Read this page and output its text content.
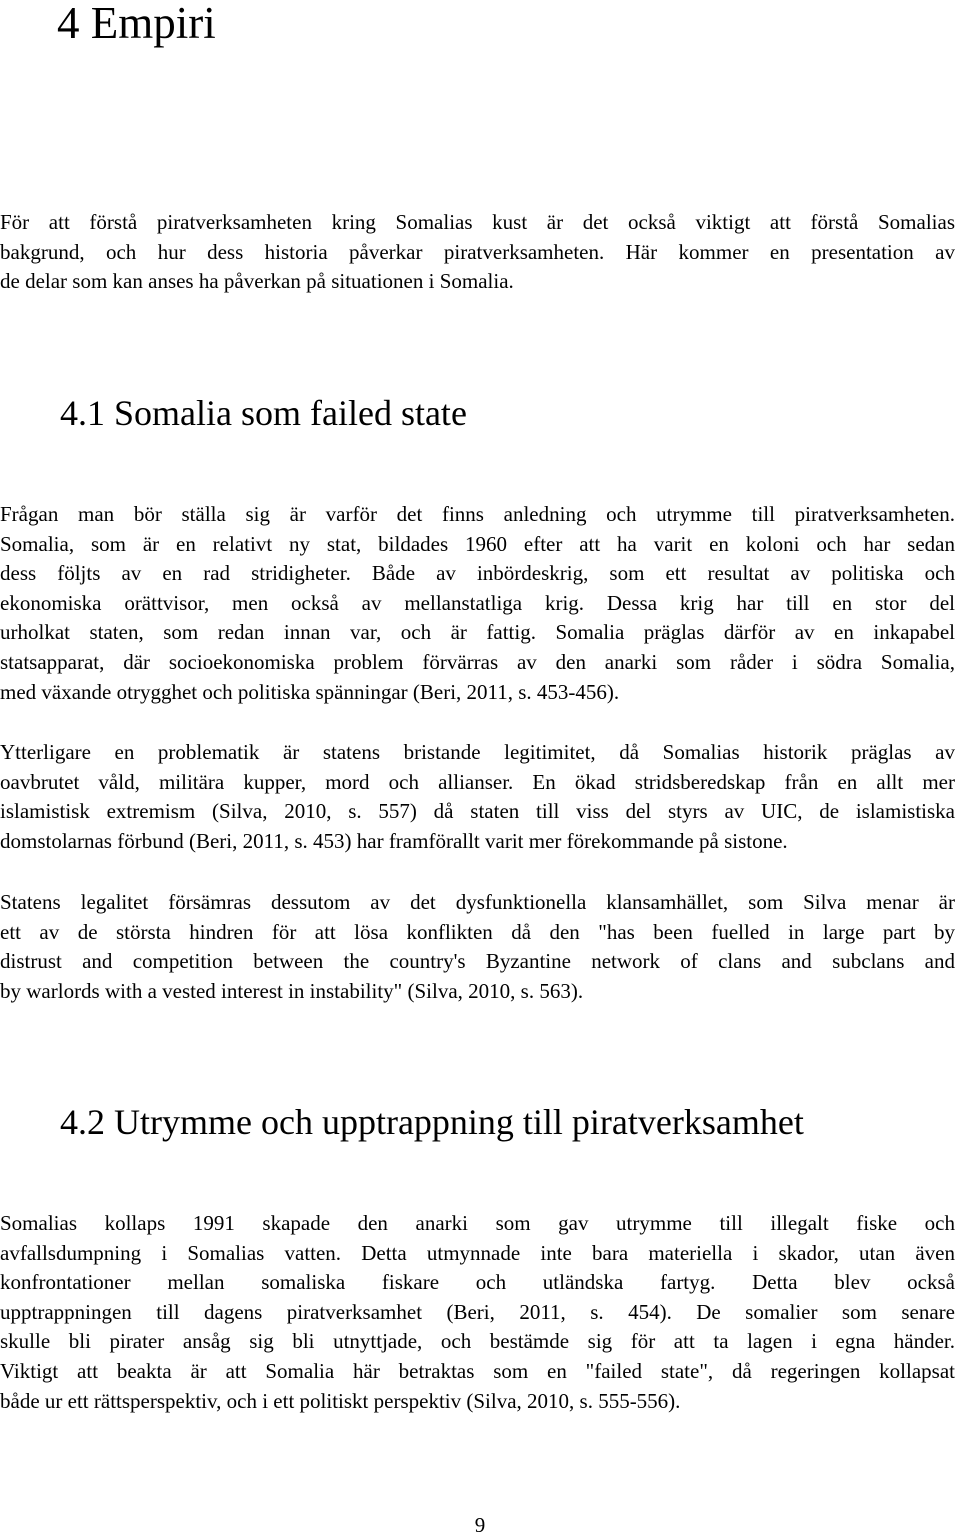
4 Empiri
För att förstå piratverksamheten kring Somalias kust är det också viktigt att förstå Somalias
bakgrund, och hur dess historia påverkar piratverksamheten. Här kommer en presentation av
de delar som kan anses ha påverkan på situationen i Somalia.
4.1 Somalia som failed state
Frågan man bör ställa sig är varför det finns anledning och utrymme till piratverksamheten.
Somalia, som är en relativt ny stat, bildades 1960 efter att ha varit en koloni och har sedan
dess följts av en rad stridigheter. Både av inbördeskrig, som ett resultat av politiska och
ekonomiska orättvisor, men också av mellanstatliga krig. Dessa krig har till en stor del
urholkat staten, som redan innan var, och är fattig. Somalia präglas därför av en inkapabel
statsapparat, där socioekonomiska problem förvärras av den anarki som råder i södra Somalia,
med växande otrygghet och politiska spänningar (Beri, 2011, s. 453-456).
Ytterligare en problematik är statens bristande legitimitet, då Somalias historik präglas av
oavbrutet våld, militära kupper, mord och allianser. En ökad stridsberedskap från en allt mer
islamistisk extremism (Silva, 2010, s. 557) då staten till viss del styrs av UIC, de islamistiska
domstolarnas förbund (Beri, 2011, s. 453) har framförallt varit mer förekommande på sistone.
Statens legalitet försämras dessutom av det dysfunktionella klansamhället, som Silva menar är
ett av de största hindren för att lösa konflikten då den "has been fuelled in large part by
distrust and competition between the country's Byzantine network of clans and subclans and
by warlords with a vested interest in instability" (Silva, 2010, s. 563).
4.2 Utrymme och upptrappning till piratverksamhet
Somalias kollaps 1991 skapade den anarki som gav utrymme till illegalt fiske och
avfallsdumpning i Somalias vatten. Detta utmynnade inte bara materiella i skador, utan även
konfrontationer mellan somaliska fiskare och utländska fartyg. Detta blev också
upptrappningen till dagens piratverksamhet (Beri, 2011, s. 454). De somalier som senare
skulle bli pirater ansåg sig bli utnyttjade, och bestämde sig för att ta lagen i egna händer.
Viktigt att beakta är att Somalia här betraktas som en "failed state", då regeringen kollapsat
både ur ett rättsperspektiv, och i ett politiskt perspektiv (Silva, 2010, s. 555-556).
9
